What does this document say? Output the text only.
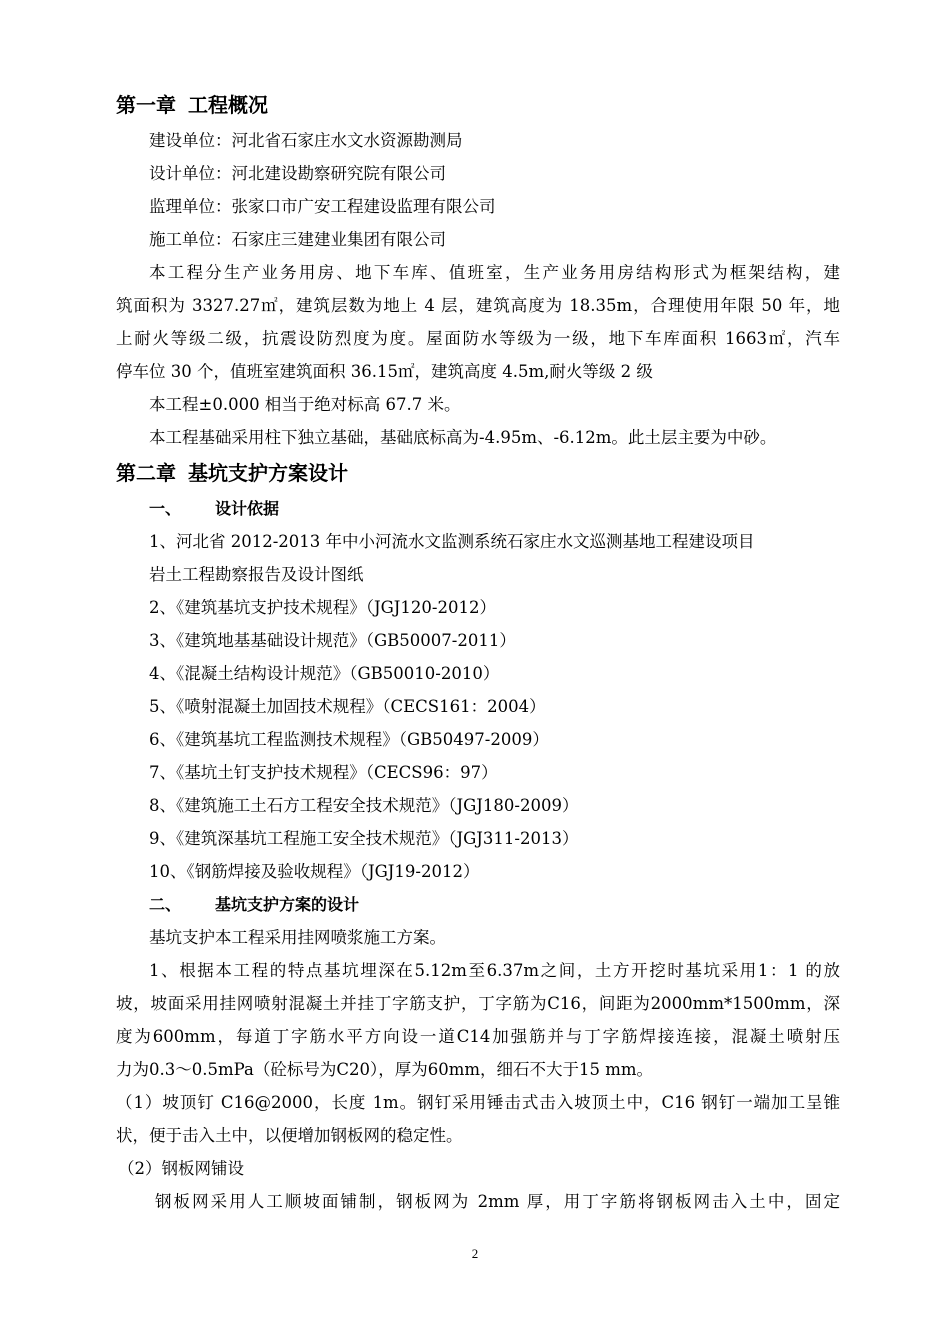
第一章 工程概况
建设单位：河北省石家庄水文水资源勘测局
设计单位：河北建设勘察研究院有限公司
监理单位：张家口市广安工程建设监理有限公司
施工单位：石家庄三建建业集团有限公司
本工程分生产业务用房、地下车库、值班室，生产业务用房结构形式为框架结构，建
筑面积为 3327.27㎡，建筑层数为地上 4 层，建筑高度为 18.35m，合理使用年限 50 年，地
上耐火等级二级，抗震设防烈度为度。屋面防水等级为一级，地下车库面积 1663㎡，汽车
停车位 30 个，值班室建筑面积 36.15㎡，建筑高度 4.5m,耐火等级 2 级
本工程±0.000 相当于绝对标高 67.7 米。
本工程基础采用柱下独立基础，基础底标高为-4.95m、-6.12m。此土层主要为中砂。
第二章 基坑支护方案设计
一、 设计依据
1、河北省 2012-2013 年中小河流水文监测系统石家庄水文巡测基地工程建设项目
岩土工程勘察报告及设计图纸
2、《建筑基坑支护技术规程》（JGJ120-2012）
3、《建筑地基基础设计规范》（GB50007-2011）
4、《混凝土结构设计规范》（GB50010-2010）
5、《喷射混凝土加固技术规程》（CECS161：2004）
6、《建筑基坑工程监测技术规程》（GB50497-2009）
7、《基坑土钉支护技术规程》（CECS96：97）
8、《建筑施工土石方工程安全技术规范》（JGJ180-2009）
9、《建筑深基坑工程施工安全技术规范》（JGJ311-2013）
10、《钢筋焊接及验收规程》（JGJ19-2012）
二、 基坑支护方案的设计
基坑支护本工程采用挂网喷浆施工方案。
1、根据本工程的特点基坑埋深在5.12m至6.37m之间，土方开挖时基坑采用1：1 的放
坡，坡面采用挂网喷射混凝土并挂丁字筋支护，丁字筋为C16，间距为2000mm*1500mm，深
度为600mm，每道丁字筋水平方向设一道C14加强筋并与丁字筋焊接连接，混凝土喷射压
力为0.3～0.5mPa（砼标号为C20），厚为60mm，细石不大于15 mm。
（1）坡顶钉 C16@2000，长度 1m。钢钉采用锤击式击入坡顶土中，C16 钢钉一端加工呈锥
状，便于击入土中，以便增加钢板网的稳定性。
（2）钢板网铺设
钢板网采用人工顺坡面铺制，钢板网为 2mm 厚，用丁字筋将钢板网击入土中，固定
2
